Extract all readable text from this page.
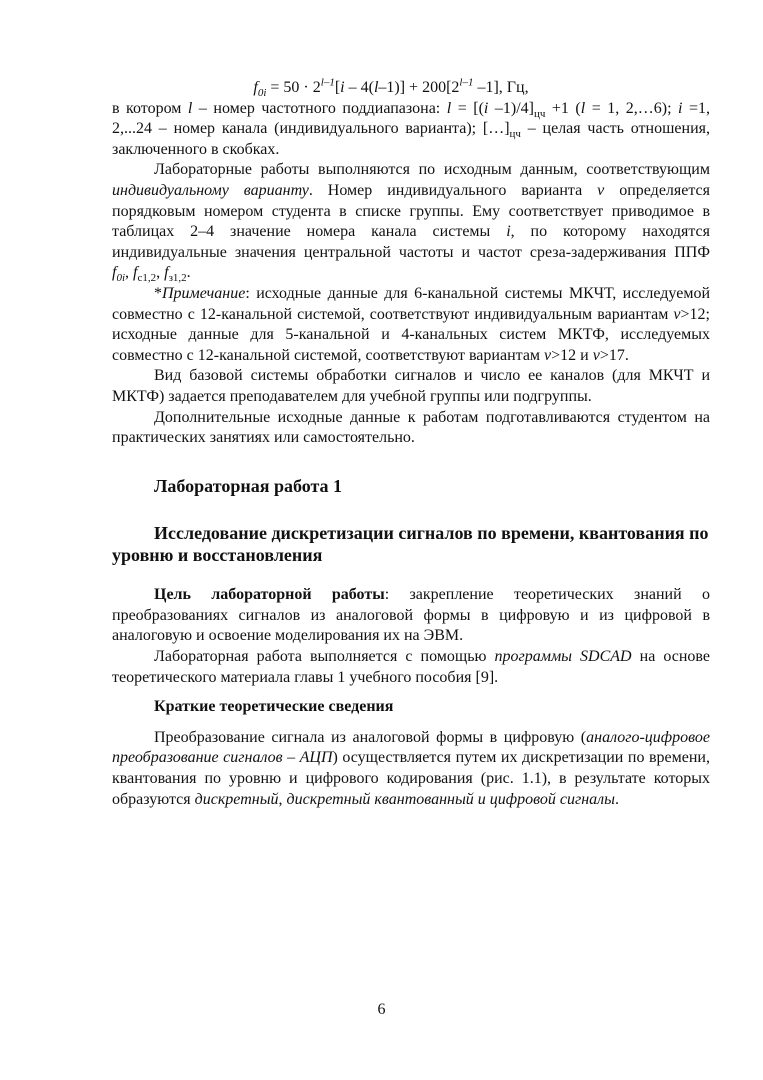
$f_{0i} = 50 \cdot 2^{l-1}[i - 4(l-1)] + 200[2^{l-1}$ –1], Гц,
в котором l – номер частотного поддиапазона: l = [(i $-1)/4]_{цч} +1$ (l = 1, 2,…6); i =1, 2,...24 – номер канала (индивидуального варианта); $[\dots]_{цч}$ – целая часть отношения, заключенного в скобках.
Лабораторные работы выполняются по исходным данным, соответствующим индивидуальному варианту. Номер индивидуального варианта v определяется порядковым номером студента в списке группы. Ему соответствует приводимое в таблицах 2–4 значение номера канала системы i, по которому находятся индивидуальные значения центральной частоты и частот среза-задерживания ППФ $f_{0i}$, $f_{с1,2}$, $f_{з1,2}$.
*Примечание: исходные данные для 6-канальной системы МКЧТ, исследуемой совместно с 12-канальной системой, соответствуют индивидуальным вариантам v>12; исходные данные для 5-канальной и 4-канальных систем МКТФ, исследуемых совместно с 12-канальной системой, соответствуют вариантам v>12 и v>17.
Вид базовой системы обработки сигналов и число ее каналов (для МКЧТ и МКТФ) задается преподавателем для учебной группы или подгруппы.
Дополнительные исходные данные к работам подготавливаются студентом на практических занятиях или самостоятельно.
Лабораторная работа 1
Исследование дискретизации сигналов по времени, квантования по уровню и восстановления
Цель лабораторной работы: закрепление теоретических знаний о преобразованиях сигналов из аналоговой формы в цифровую и из цифровой в аналоговую и освоение моделирования их на ЭВМ.
Лабораторная работа выполняется с помощью программы SDCAD на основе теоретического материала главы 1 учебного пособия [9].
Краткие теоретические сведения
Преобразование сигнала из аналоговой формы в цифровую (аналого-цифровое преобразование сигналов – АЦП) осуществляется путем их дискретизации по времени, квантования по уровню и цифрового кодирования (рис. 1.1), в результате которых образуются дискретный, дискретный квантованный и цифровой сигналы.
6
